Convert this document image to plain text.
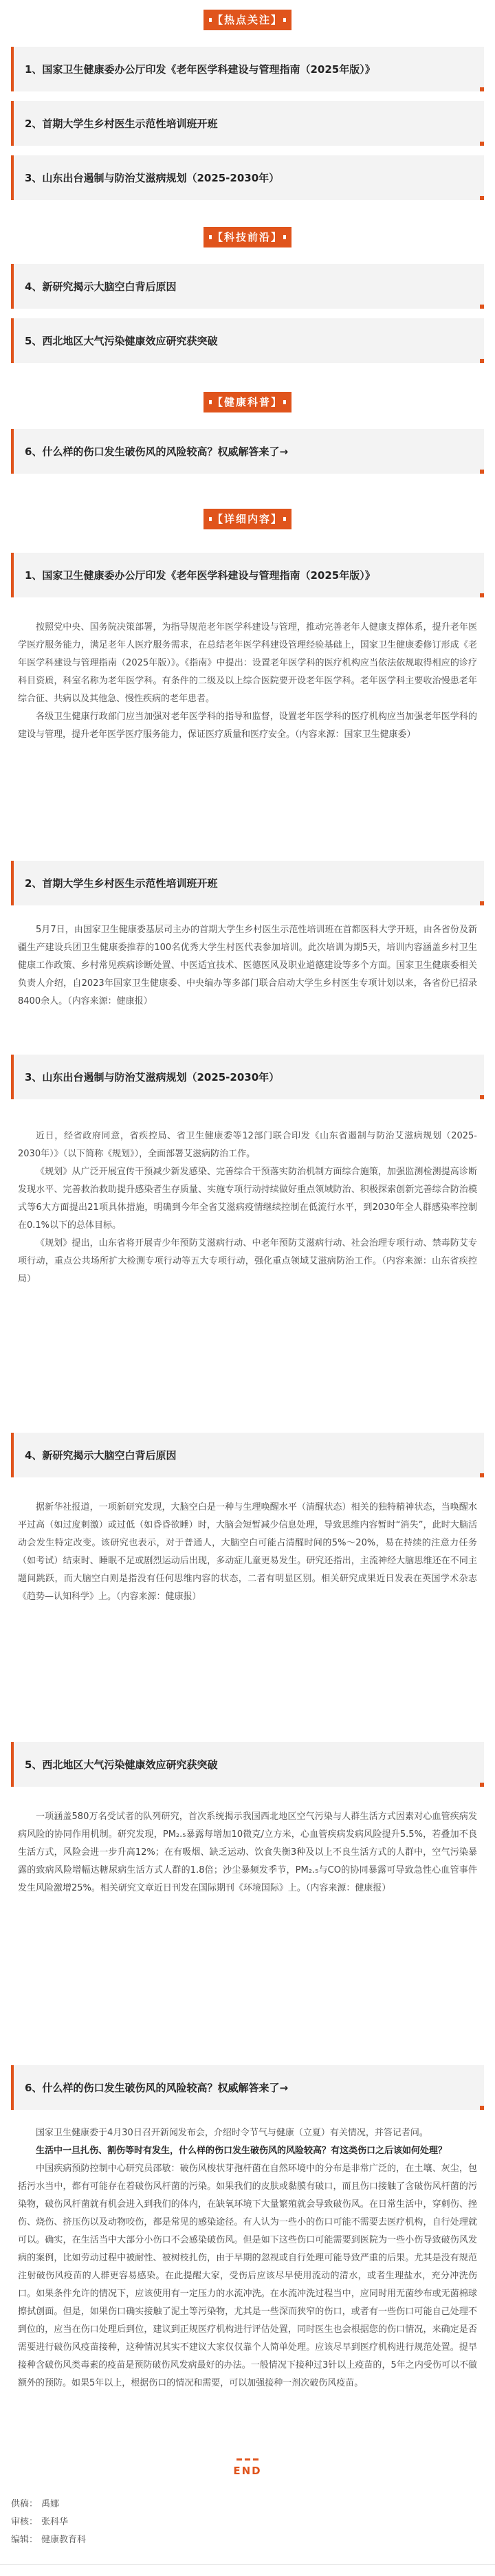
【热点关注】
1、国家卫生健康委办公厅印发《老年医学科建设与管理指南（2025年版）》
2、首期大学生乡村医生示范性培训班开班
3、山东出台遏制与防治艾滋病规划（2025-2030年）
【科技前沿】
4、新研究揭示大脑空白背后原因
5、西北地区大气污染健康效应研究获突破
【健康科普】
6、什么样的伤口发生破伤风的风险较高？权威解答来了→
【详细内容】
1、国家卫生健康委办公厅印发《老年医学科建设与管理指南（2025年版）》

按照党中央、国务院决策部署，为指导规范老年医学科建设与管理，推动完善老年人健康支撑体系，提升老年医学医疗服务能力，满足老年人医疗服务需求，在总结老年医学科建设管理经验基础上，国家卫生健康委修订形成《老年医学科建设与管理指南（2025年版）》。《指南》中提出：设置老年医学科的医疗机构应当依法依规取得相应的诊疗科目资质，科室名称为老年医学科。有条件的二级及以上综合医院要开设老年医学科。老年医学科主要收治慢患老年综合征、共病以及其他急、慢性疾病的老年患者。

各级卫生健康行政部门应当加强对老年医学科的指导和监督，设置老年医学科的医疗机构应当加强老年医学科的建设与管理，提升老年医学医疗服务能力，保证医疗质量和医疗安全。（内容来源：国家卫生健康委）

2、首期大学生乡村医生示范性培训班开班

5月7日，由国家卫生健康委基层司主办的首期大学生乡村医生示范性培训班在首都医科大学开班，由各省份及新疆生产建设兵团卫生健康委推荐的100名优秀大学生村医代表参加培训。此次培训为期5天，培训内容涵盖乡村卫生健康工作政策、乡村常见疾病诊断处置、中医适宜技术、医德医风及职业道德建设等多个方面。国家卫生健康委相关负责人介绍，自2023年国家卫生健康委、中央编办等多部门联合启动大学生乡村医生专项计划以来，各省份已招录8400余人。（内容来源：健康报）

3、山东出台遏制与防治艾滋病规划（2025-2030年）

近日，经省政府同意，省疾控局、省卫生健康委等12部门联合印发《山东省遏制与防治艾滋病规划（2025-2030年）》（以下简称《规划》），全面部署艾滋病防治工作。

《规划》从广泛开展宣传干预减少新发感染、完善综合干预落实防治机制方面综合施策，加强监测检测提高诊断发现水平、完善救治救助提升感染者生存质量、实施专项行动持续做好重点领域防治、积极探索创新完善综合防治模式等6大方面提出21项具体措施，明确到今年全省艾滋病疫情继续控制在低流行水平，到2030年全人群感染率控制在0.1%以下的总体目标。

《规划》提出，山东省将开展青少年预防艾滋病行动、中老年预防艾滋病行动、社会治理专项行动、禁毒防艾专项行动，重点公共场所扩大检测专项行动等五大专项行动，强化重点领域艾滋病防治工作。（内容来源：山东省疾控局）

4、新研究揭示大脑空白背后原因

据新华社报道，一项新研究发现，大脑空白是一种与生理唤醒水平（清醒状态）相关的独特精神状态，当唤醒水平过高（如过度刺激）或过低（如昏昏欲睡）时，大脑会短暂减少信息处理，导致思维内容暂时“消失”，此时大脑活动会发生特定改变。该研究也表示，对于普通人，大脑空白可能占清醒时间的5%～20%，易在持续的注意力任务（如考试）结束时、睡眠不足或剧烈运动后出现，多动症儿童更易发生。研究还指出，主流神经大脑思维还在不同主题间跳跃，而大脑空白则是指没有任何思维内容的状态，二者有明显区别。相关研究成果近日发表在英国学术杂志《趋势—认知科学》上。（内容来源：健康报）

5、西北地区大气污染健康效应研究获突破

一项涵盖580万名受试者的队列研究，首次系统揭示我国西北地区空气污染与人群生活方式因素对心血管疾病发病风险的协同作用机制。研究发现，PM₂.₅暴露每增加10微克/立方米，心血管疾病发病风险提升5.5%，若叠加不良生活方式，风险会进一步升高12%；在有吸烟、缺乏运动、饮食失衡3种及以上不良生活方式的人群中，空气污染暴露的致病风险增幅达糖尿病生活方式人群的1.8倍；沙尘暴频发季节，PM₂.₅与CO的协同暴露可导致急性心血管事件发生风险激增25%。相关研究文章近日刊发在国际期刊《环境国际》上。（内容来源：健康报）

6、什么样的伤口发生破伤风的风险较高？权威解答来了→

国家卫生健康委于4月30日召开新闻发布会，介绍时令节气与健康（立夏）有关情况，并答记者问。

生活中一旦扎伤、割伤等时有发生，什么样的伤口发生破伤风的风险较高？有这类伤口之后该如何处理？

中国疾病预防控制中心研究员邵敏：破伤风梭状芽孢杆菌在自然环境中的分布是非常广泛的，在土壤、灰尘，包括污水当中，都有可能存在着破伤风杆菌的污染。如果我们的皮肤或黏膜有破口，而且伤口接触了含破伤风杆菌的污染物，破伤风杆菌就有机会进入到我们的体内，在缺氧环境下大量繁殖就会导致破伤风。在日常生活中，穿刺伤、挫伤、烧伤、挤压伤以及动物咬伤，都是常见的感染途径。有人认为一些小的伤口可能不需要去医疗机构，自行处理就可以。确实，在生活当中大部分小伤口不会感染破伤风。但是如下这些伤口可能需要到医院为一些小伤导致破伤风发病的案例，比如劳动过程中被耐性、被树枝扎伤，由于早期的忽视或自行处理可能导致严重的后果。尤其是没有规范注射破伤风疫苗的人群更容易感染。在此提醒大家，受伤后应该尽早使用流动的清水，或者生理盐水，充分冲洗伤口。如果条件允许的情况下，应该使用有一定压力的水流冲洗。在水流冲洗过程当中，应同时用无菌纱布或无菌棉球擦拭创面。但是，如果伤口确实接触了泥土等污染物，尤其是一些深而狭窄的伤口，或者有一些伤口可能自己处理不到位的，应当在伤口处理后到位，建议到正规医疗机构进行评估处置，同时医生也会根据您的伤口情况，来确定是否需要进行破伤风疫苗接种，这种情况其实不建议大家仅仅靠个人简单处理。应该尽早到医疗机构进行规范处置。提早接种含破伤风类毒素的疫苗是预防破伤风发病最好的办法。一般情况下接种过3针以上疫苗的，5年之内受伤可以不做额外的预防。如果5年以上，根据伤口的情况和需要，可以加强接种一剂次破伤风疫苗。

END
供稿： 禹娜
审核： 张科华
编辑： 健康教育科
